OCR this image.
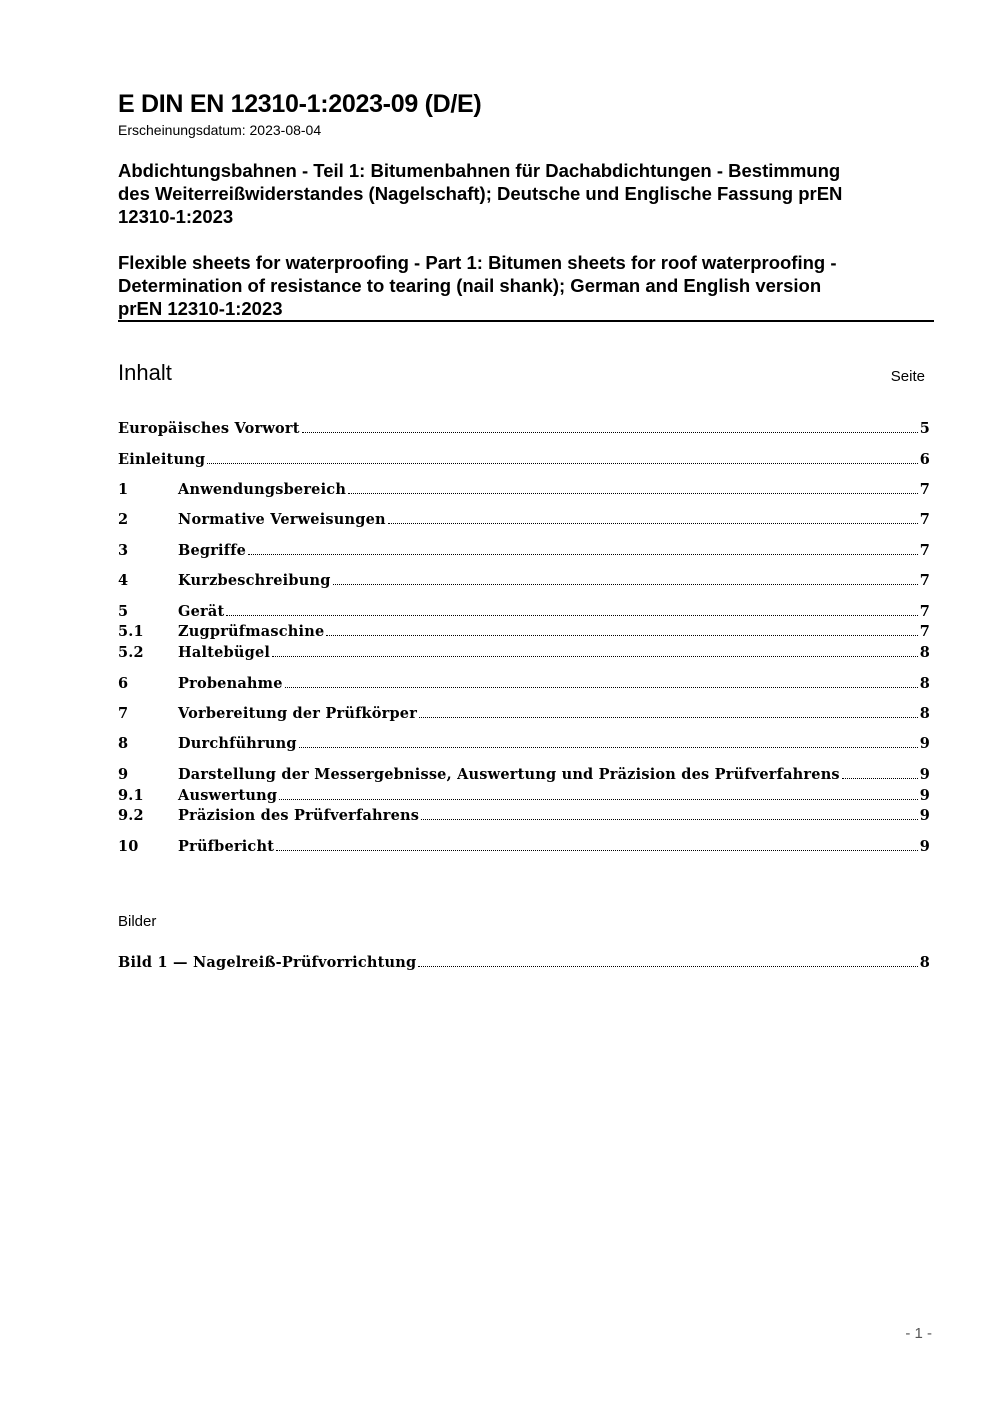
E DIN EN 12310-1:2023-09 (D/E)
Erscheinungsdatum: 2023-08-04
Abdichtungsbahnen - Teil 1: Bitumenbahnen für Dachabdichtungen - Bestimmung
des Weiterreißwiderstandes (Nagelschaft); Deutsche und Englische Fassung prEN
12310-1:2023
Flexible sheets for waterproofing - Part 1: Bitumen sheets for roof waterproofing -
Determination of resistance to tearing (nail shank); German and English version
prEN 12310-1:2023
Inhalt	Seite
Europäisches Vorwort	5
Einleitung	6
1	Anwendungsbereich	7
2	Normative Verweisungen	7
3	Begriffe	7
4	Kurzbeschreibung	7
5	Gerät	7
5.1	Zugprüfmaschine	7
5.2	Haltebügel	8
6	Probenahme	8
7	Vorbereitung der Prüfkörper	8
8	Durchführung	9
9	Darstellung der Messergebnisse, Auswertung und Präzision des Prüfverfahrens	9
9.1	Auswertung	9
9.2	Präzision des Prüfverfahrens	9
10	Prüfbericht	9
Bilder
Bild 1 — Nagelreiß-Prüfvorrichtung	8
- 1 -
